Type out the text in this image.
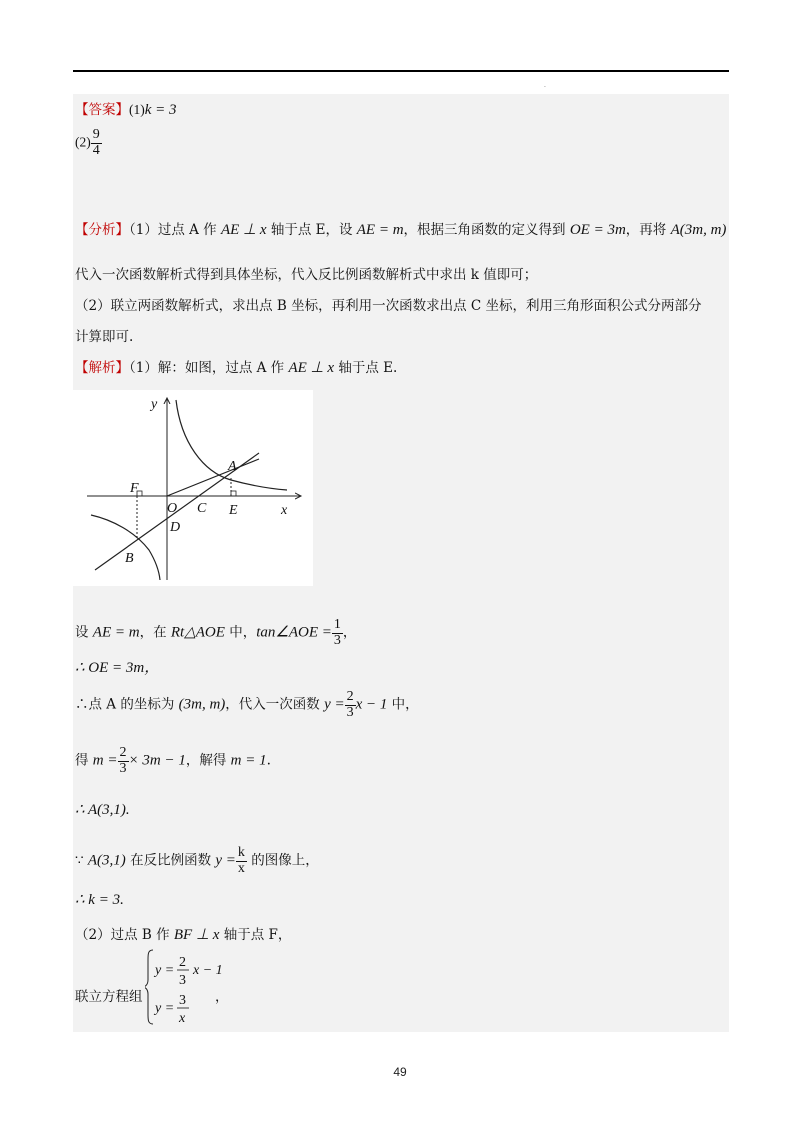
.
【答案】(1)k = 3
$(2) \frac{9}{4}$
【分析】（1）过点 A 作 AE ⊥ x 轴于点 E，设 AE = m，根据三角函数的定义得到 OE = 3m，再将 A(3m, m)
代入一次函数解析式得到具体坐标，代入反比例函数解析式中求出 k 值即可；
（2）联立两函数解析式，求出点 B 坐标，再利用一次函数求出点 C 坐标，利用三角形面积公式分两部分
计算即可.
【解析】（1）解：如图，过点 A 作 AE ⊥ x 轴于点 E.
y
x
A
B
C
D
E
F
O
设 AE = m，在 Rt△AOE 中，tan∠AOE = $\frac{1}{3}$ ，
∴ OE = 3m，
∴点 A 的坐标为 (3m, m)，代入一次函数 $y = \frac{2}{3}$ x − 1 中，
得 $m = \frac{2}{3} \times 3m - 1$，解得 m = 1.
∴ A(3,1).
∵ A(3,1) 在反比例函数 $y = \frac{k}{x}$ 的图像上，
∴ k = 3.
（2）过点 B 作 BF ⊥ x 轴于点 F，
联立方程组
y =
2
3
x − 1
y =
3
x
，
49
